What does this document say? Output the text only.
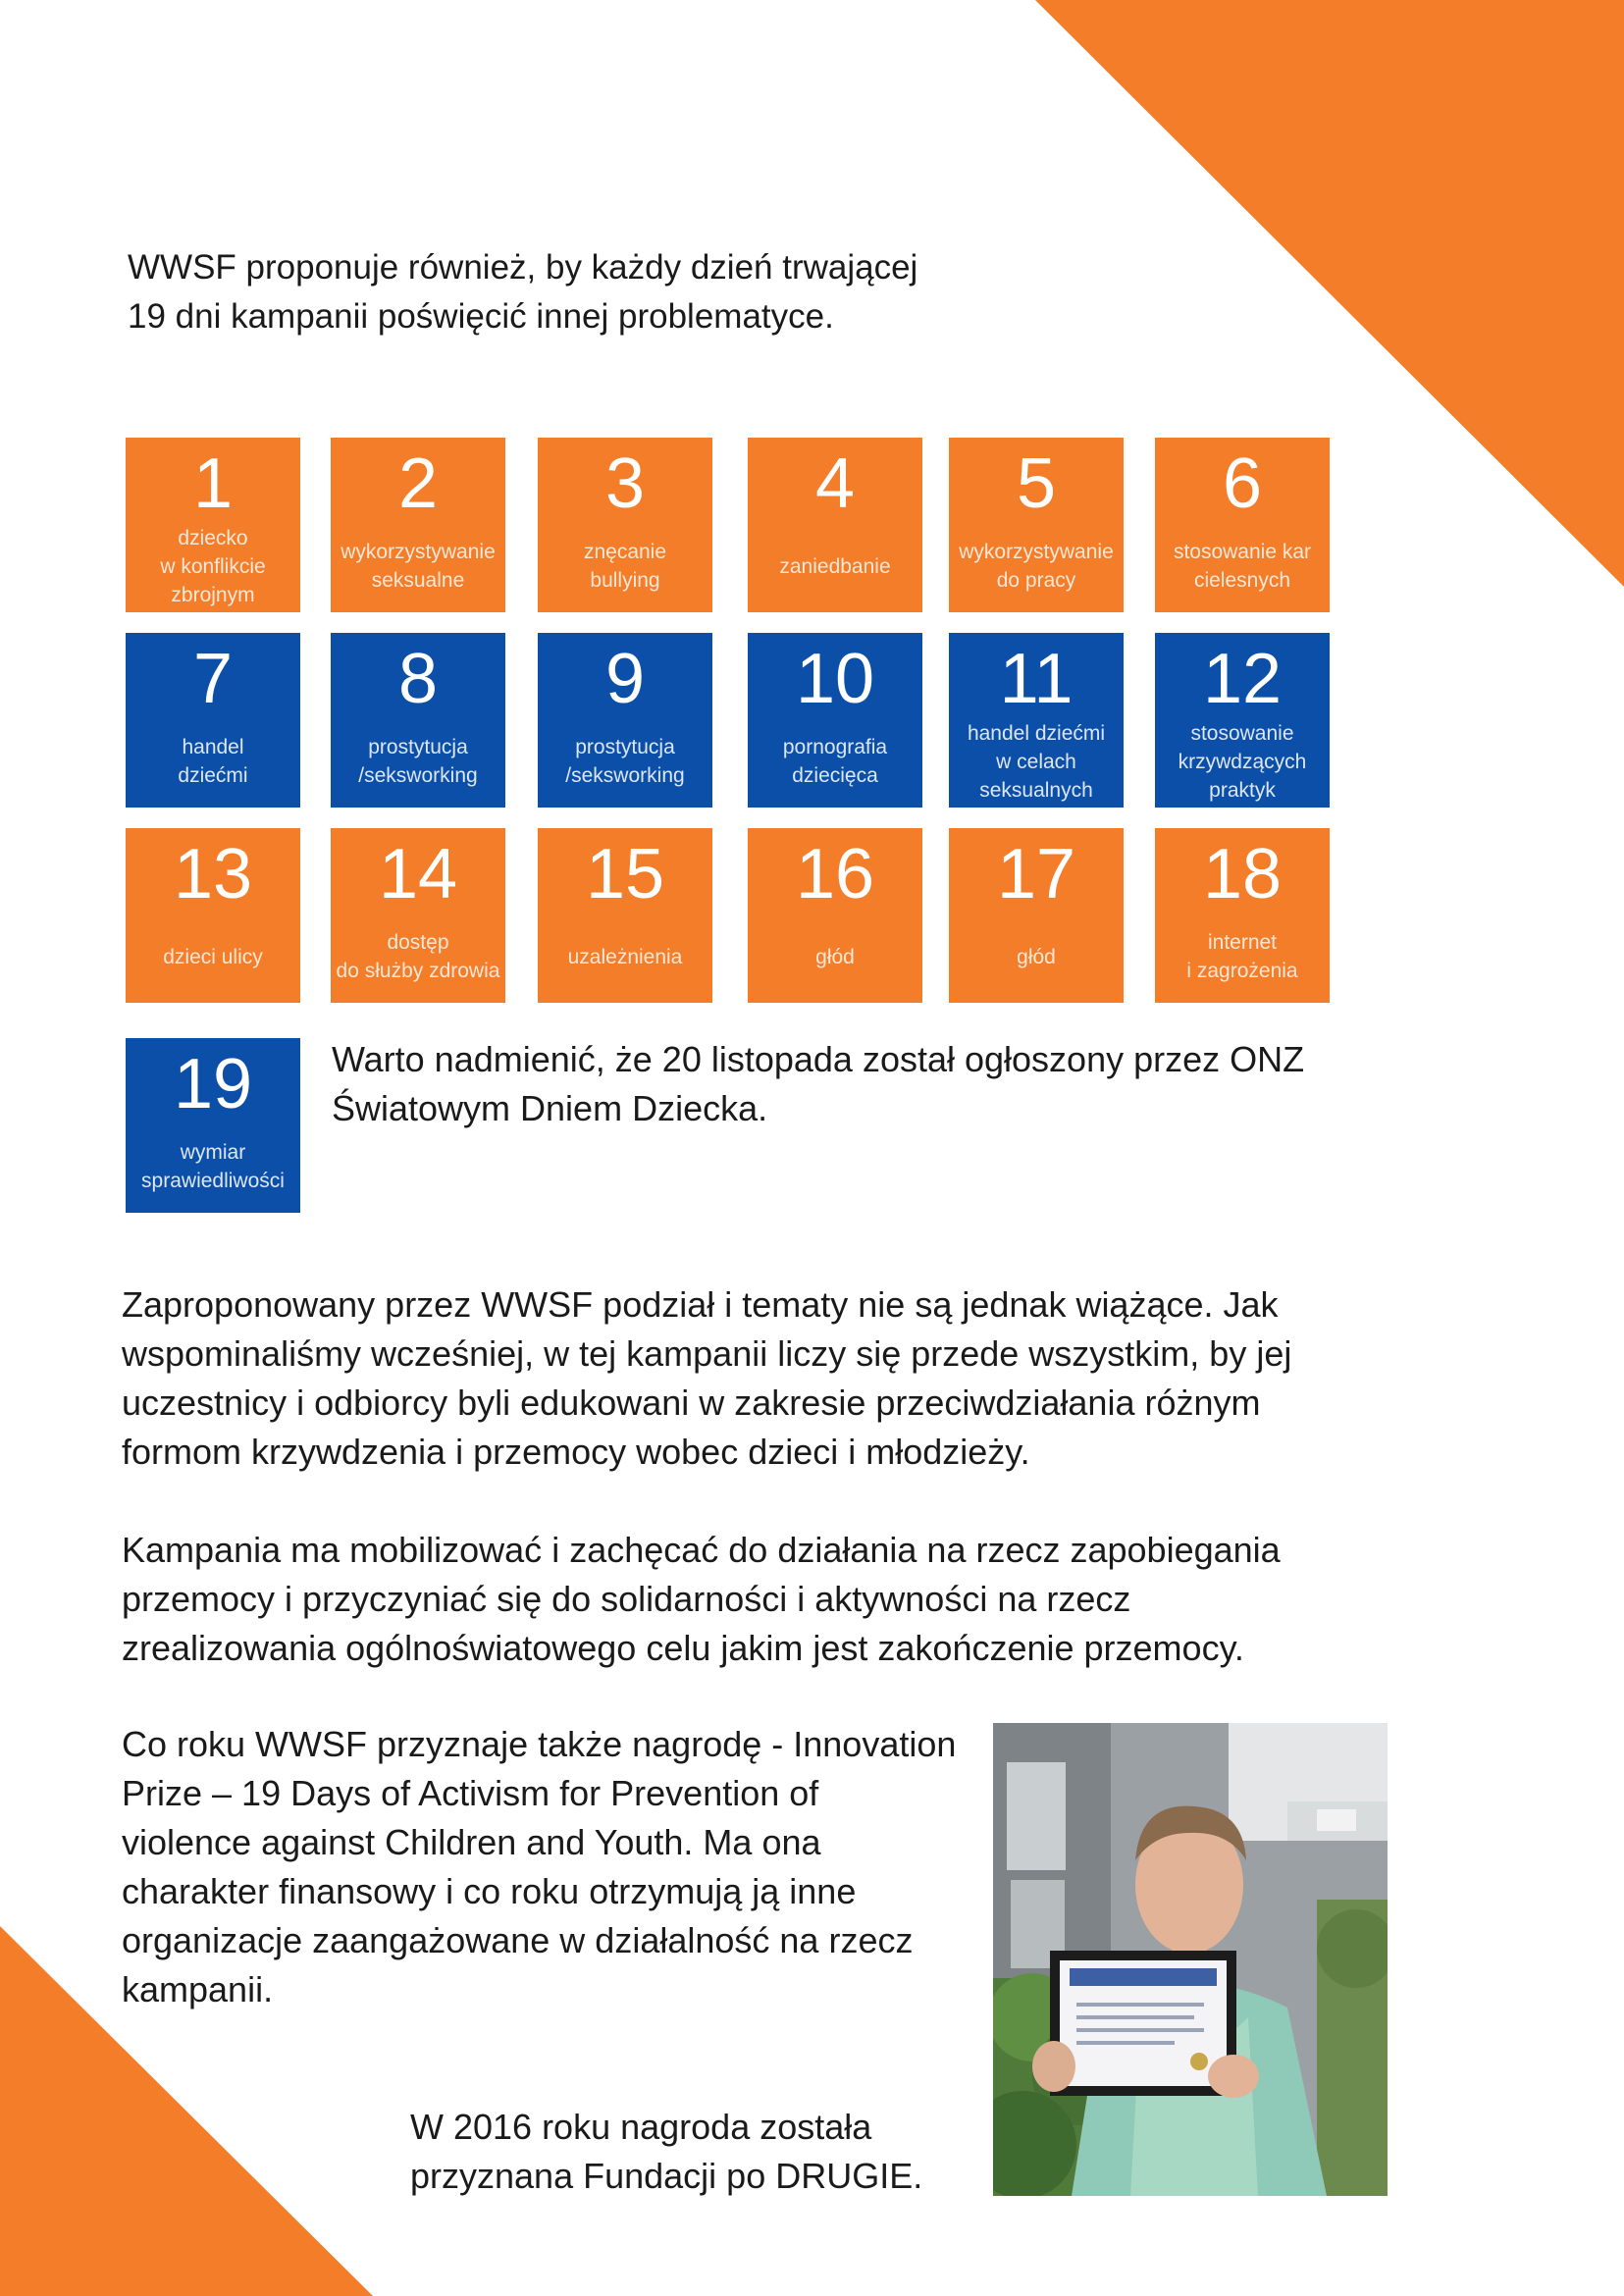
WWSF proponuje również, by każdy dzień trwającej
19 dni kampanii poświęcić innej problematyce.

1
dziecko
w konflikcie
zbrojnym
2
wykorzystywanie
seksualne
3
znęcanie
bullying
4
zaniedbanie
5
wykorzystywanie
do pracy
6
stosowanie kar
cielesnych
7
handel
dziećmi
8
prostytucja
/seksworking
9
prostytucja
/seksworking
10
pornografia
dziecięca
11
handel dziećmi
w celach
seksualnych
12
stosowanie
krzywdzących
praktyk
13
dzieci ulicy
14
dostęp
do służby zdrowia
15
uzależnienia
16
głód
17
głód
18
internet
i zagrożenia
19
wymiar
sprawiedliwości

Warto nadmienić, że 20 listopada został ogłoszony przez ONZ
Światowym Dniem Dziecka.

Zaproponowany przez WWSF podział i tematy nie są jednak wiążące. Jak
wspominaliśmy wcześniej, w tej kampanii liczy się przede wszystkim, by jej
uczestnicy i odbiorcy byli edukowani w zakresie przeciwdziałania różnym
formom krzywdzenia i przemocy wobec dzieci i młodzieży.

Kampania ma mobilizować i zachęcać do działania na rzecz zapobiegania
przemocy i przyczyniać się do solidarności i aktywności na rzecz
zrealizowania ogólnoświatowego celu jakim jest zakończenie przemocy.

Co roku WWSF przyznaje także nagrodę - Innovation
Prize – 19 Days of Activism for Prevention of
violence against Children and Youth. Ma ona
charakter finansowy i co roku otrzymują ją inne
organizacje zaangażowane w działalność na rzecz
kampanii.

W 2016 roku nagroda została
przyznana Fundacji po DRUGIE.
